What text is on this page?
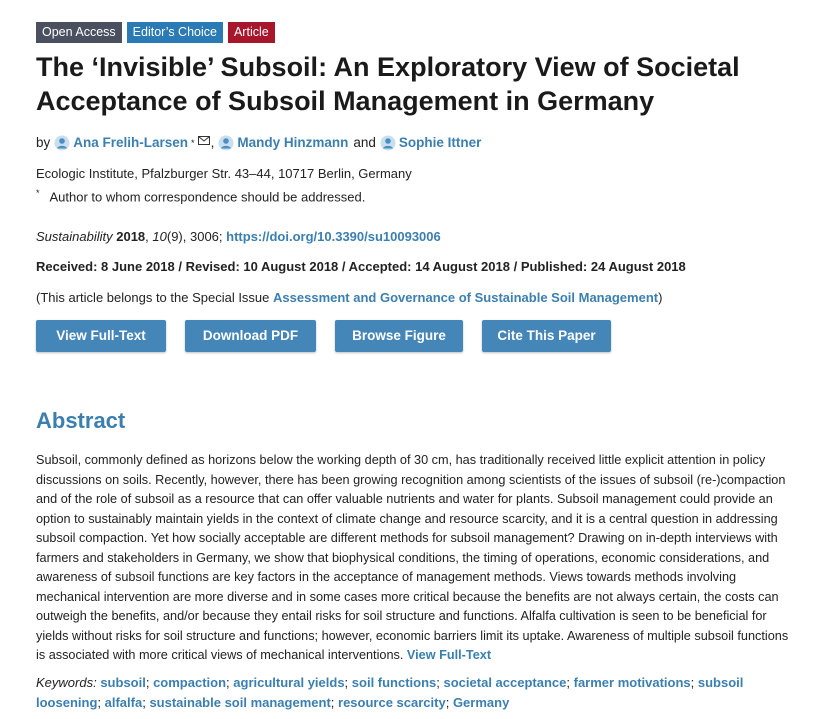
Open Access	Editor’s Choice	Article
The ‘Invisible’ Subsoil: An Exploratory View of Societal Acceptance of Subsoil Management in Germany
by Ana Frelih-Larsen * , Mandy Hinzmann and Sophie Ittner
Ecologic Institute, Pfalzburger Str. 43–44, 10717 Berlin, Germany
* Author to whom correspondence should be addressed.
Sustainability 2018, 10(9), 3006; https://doi.org/10.3390/su10093006
Received: 8 June 2018 / Revised: 10 August 2018 / Accepted: 14 August 2018 / Published: 24 August 2018
(This article belongs to the Special Issue Assessment and Governance of Sustainable Soil Management)
View Full-Text	Download PDF	Browse Figure	Cite This Paper
Abstract

Subsoil, commonly defined as horizons below the working depth of 30 cm, has traditionally received little explicit attention in policy discussions on soils. Recently, however, there has been growing recognition among scientists of the issues of subsoil (re-)compaction and of the role of subsoil as a resource that can offer valuable nutrients and water for plants. Subsoil management could provide an option to sustainably maintain yields in the context of climate change and resource scarcity, and it is a central question in addressing subsoil compaction. Yet how socially acceptable are different methods for subsoil management? Drawing on in-depth interviews with farmers and stakeholders in Germany, we show that biophysical conditions, the timing of operations, economic considerations, and awareness of subsoil functions are key factors in the acceptance of management methods. Views towards methods involving mechanical intervention are more diverse and in some cases more critical because the benefits are not always certain, the costs can outweigh the benefits, and/or because they entail risks for soil structure and functions. Alfalfa cultivation is seen to be beneficial for yields without risks for soil structure and functions; however, economic barriers limit its uptake. Awareness of multiple subsoil functions is associated with more critical views of mechanical interventions. View Full-Text

Keywords: subsoil; compaction; agricultural yields; soil functions; societal acceptance; farmer motivations; subsoil loosening; alfalfa; sustainable soil management; resource scarcity; Germany
